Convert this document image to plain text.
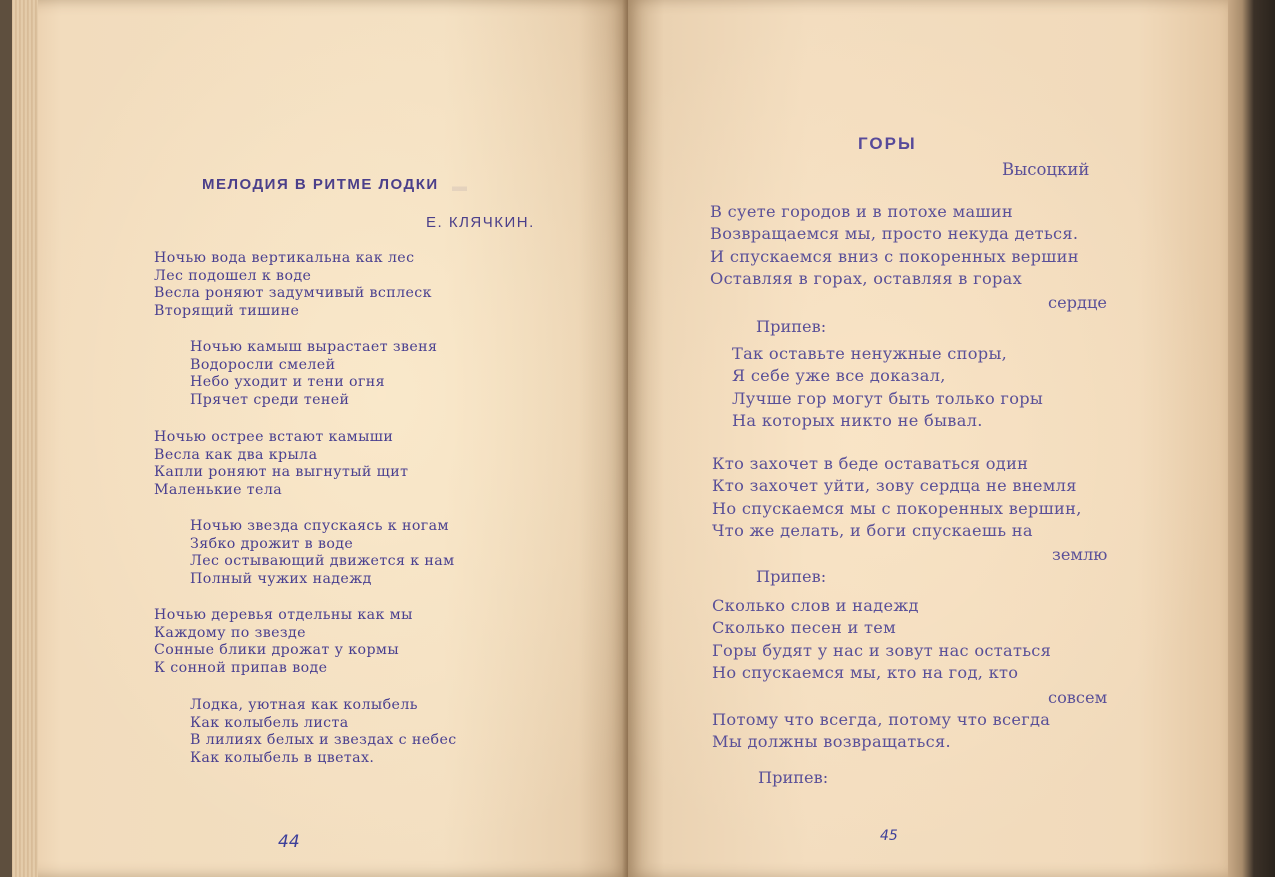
▬
МЕЛОДИЯ В РИТМЕ ЛОДКИ
Е. КЛЯЧКИН.
Ночью вода вертикальна как лес
Лес подошел к воде
Весла роняют задумчивый всплеск
Вторящий тишине
Ночью камыш вырастает звеня
Водоросли смелей
Небо уходит и тени огня
Прячет среди теней
Ночью острее встают камыши
Весла как два крыла
Капли роняют на выгнутый щит
Маленькие тела
Ночью звезда спускаясь к ногам
Зябко дрожит в воде
Лес остывающий движется к нам
Полный чужих надежд
Ночью деревья отдельны как мы
Каждому по звезде
Сонные блики дрожат у кормы
К сонной припав воде
Лодка, уютная как колыбель
Как колыбель листа
В лилиях белых и звездах с небес
Как колыбель в цветах.
44
ГОРЫ
Высоцкий
В суете городов и в потохе машин
Возвращаемся мы, просто некуда деться.
И спускаемся вниз с покоренных вершин
Оставляя в горах, оставляя в горах
сердце
Припев:
Так оставьте ненужные споры,
Я себе уже все доказал,
Лучше гор могут быть только горы
На которых никто не бывал.
Кто захочет в беде оставаться один
Кто захочет уйти, зову сердца не внемля
Но спускаемся мы с покоренных вершин,
Что же делать, и боги спускаешь на
землю
Припев:
Сколько слов и надежд
Сколько песен и тем
Горы будят у нас и зовут нас остаться
Но спускаемся мы, кто на год, кто
совсем
Потому что всегда, потому что всегда
Мы должны возвращаться.
Припев:
45
